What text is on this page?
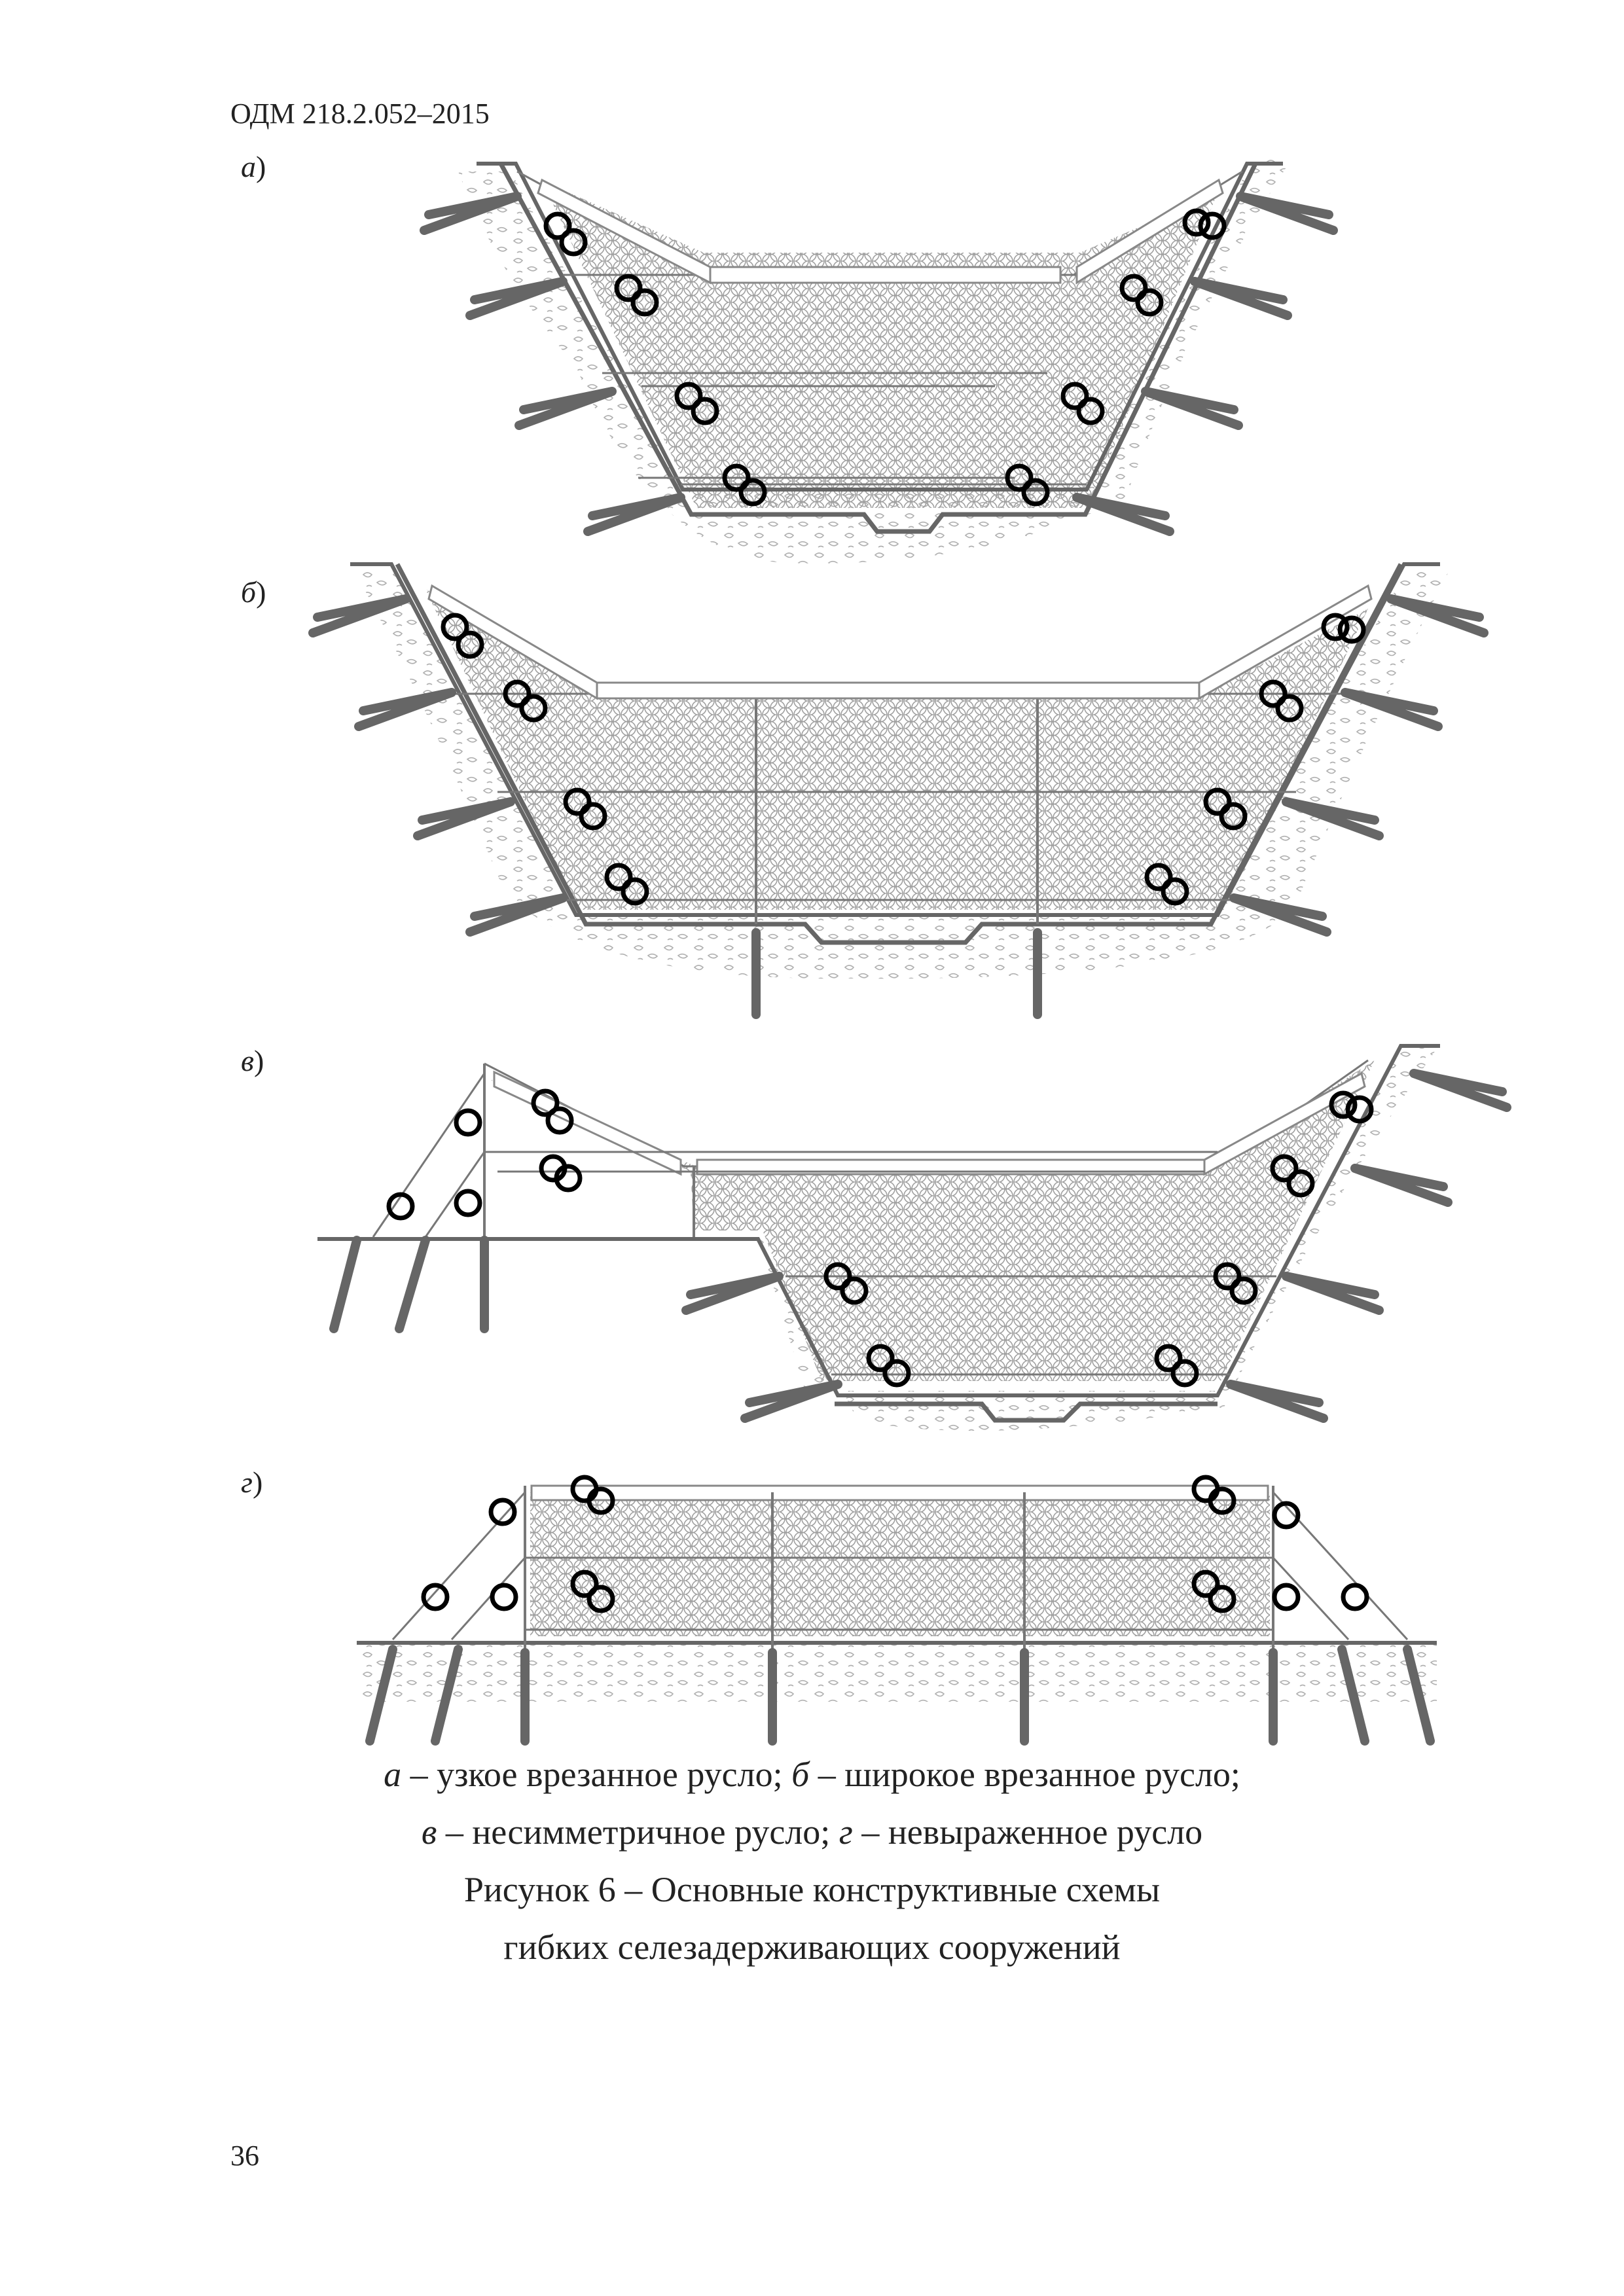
ОДМ 218.2.052–2015
а)
б)
в)
г)
а – узкое врезанное русло; б – широкое врезанное русло;
в – несимметричное русло; г – невыраженное русло
Рисунок 6 – Основные конструктивные схемы
гибких селезадерживающих сооружений
36
